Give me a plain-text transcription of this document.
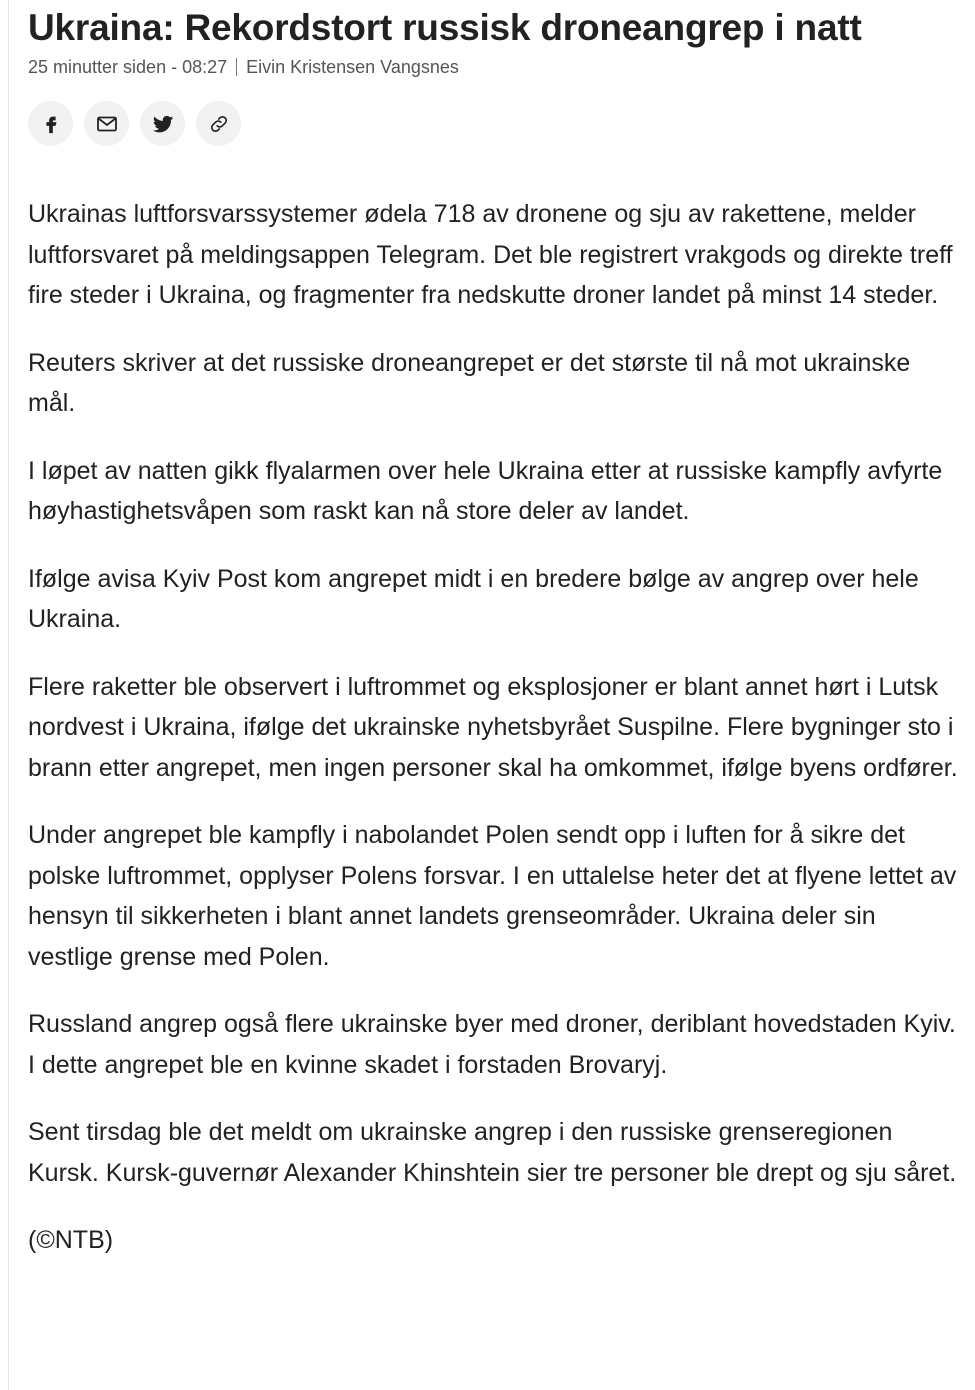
Ukraina: Rekordstort russisk droneangrep i natt
25 minutter siden - 08:27 Eivin Kristensen Vangsnes

Ukrainas luftforsvarssystemer ødela 718 av dronene og sju av rakettene, melder luftforsvaret på meldingsappen Telegram. Det ble registrert vrakgods og direkte treff fire steder i Ukraina, og fragmenter fra nedskutte droner landet på minst 14 steder.

Reuters skriver at det russiske droneangrepet er det største til nå mot ukrainske mål.

I løpet av natten gikk flyalarmen over hele Ukraina etter at russiske kampfly avfyrte høyhastighetsvåpen som raskt kan nå store deler av landet.

Ifølge avisa Kyiv Post kom angrepet midt i en bredere bølge av angrep over hele Ukraina.

Flere raketter ble observert i luftrommet og eksplosjoner er blant annet hørt i Lutsk nordvest i Ukraina, ifølge det ukrainske nyhetsbyrået Suspilne. Flere bygninger sto i brann etter angrepet, men ingen personer skal ha omkommet, ifølge byens ordfører.

Under angrepet ble kampfly i nabolandet Polen sendt opp i luften for å sikre det polske luftrommet, opplyser Polens forsvar. I en uttalelse heter det at flyene lettet av hensyn til sikkerheten i blant annet landets grenseområder. Ukraina deler sin vestlige grense med Polen.

Russland angrep også flere ukrainske byer med droner, deriblant hovedstaden Kyiv. I dette angrepet ble en kvinne skadet i forstaden Brovaryj.

Sent tirsdag ble det meldt om ukrainske angrep i den russiske grenseregionen Kursk. Kursk-guvernør Alexander Khinshtein sier tre personer ble drept og sju såret.

(©NTB)
